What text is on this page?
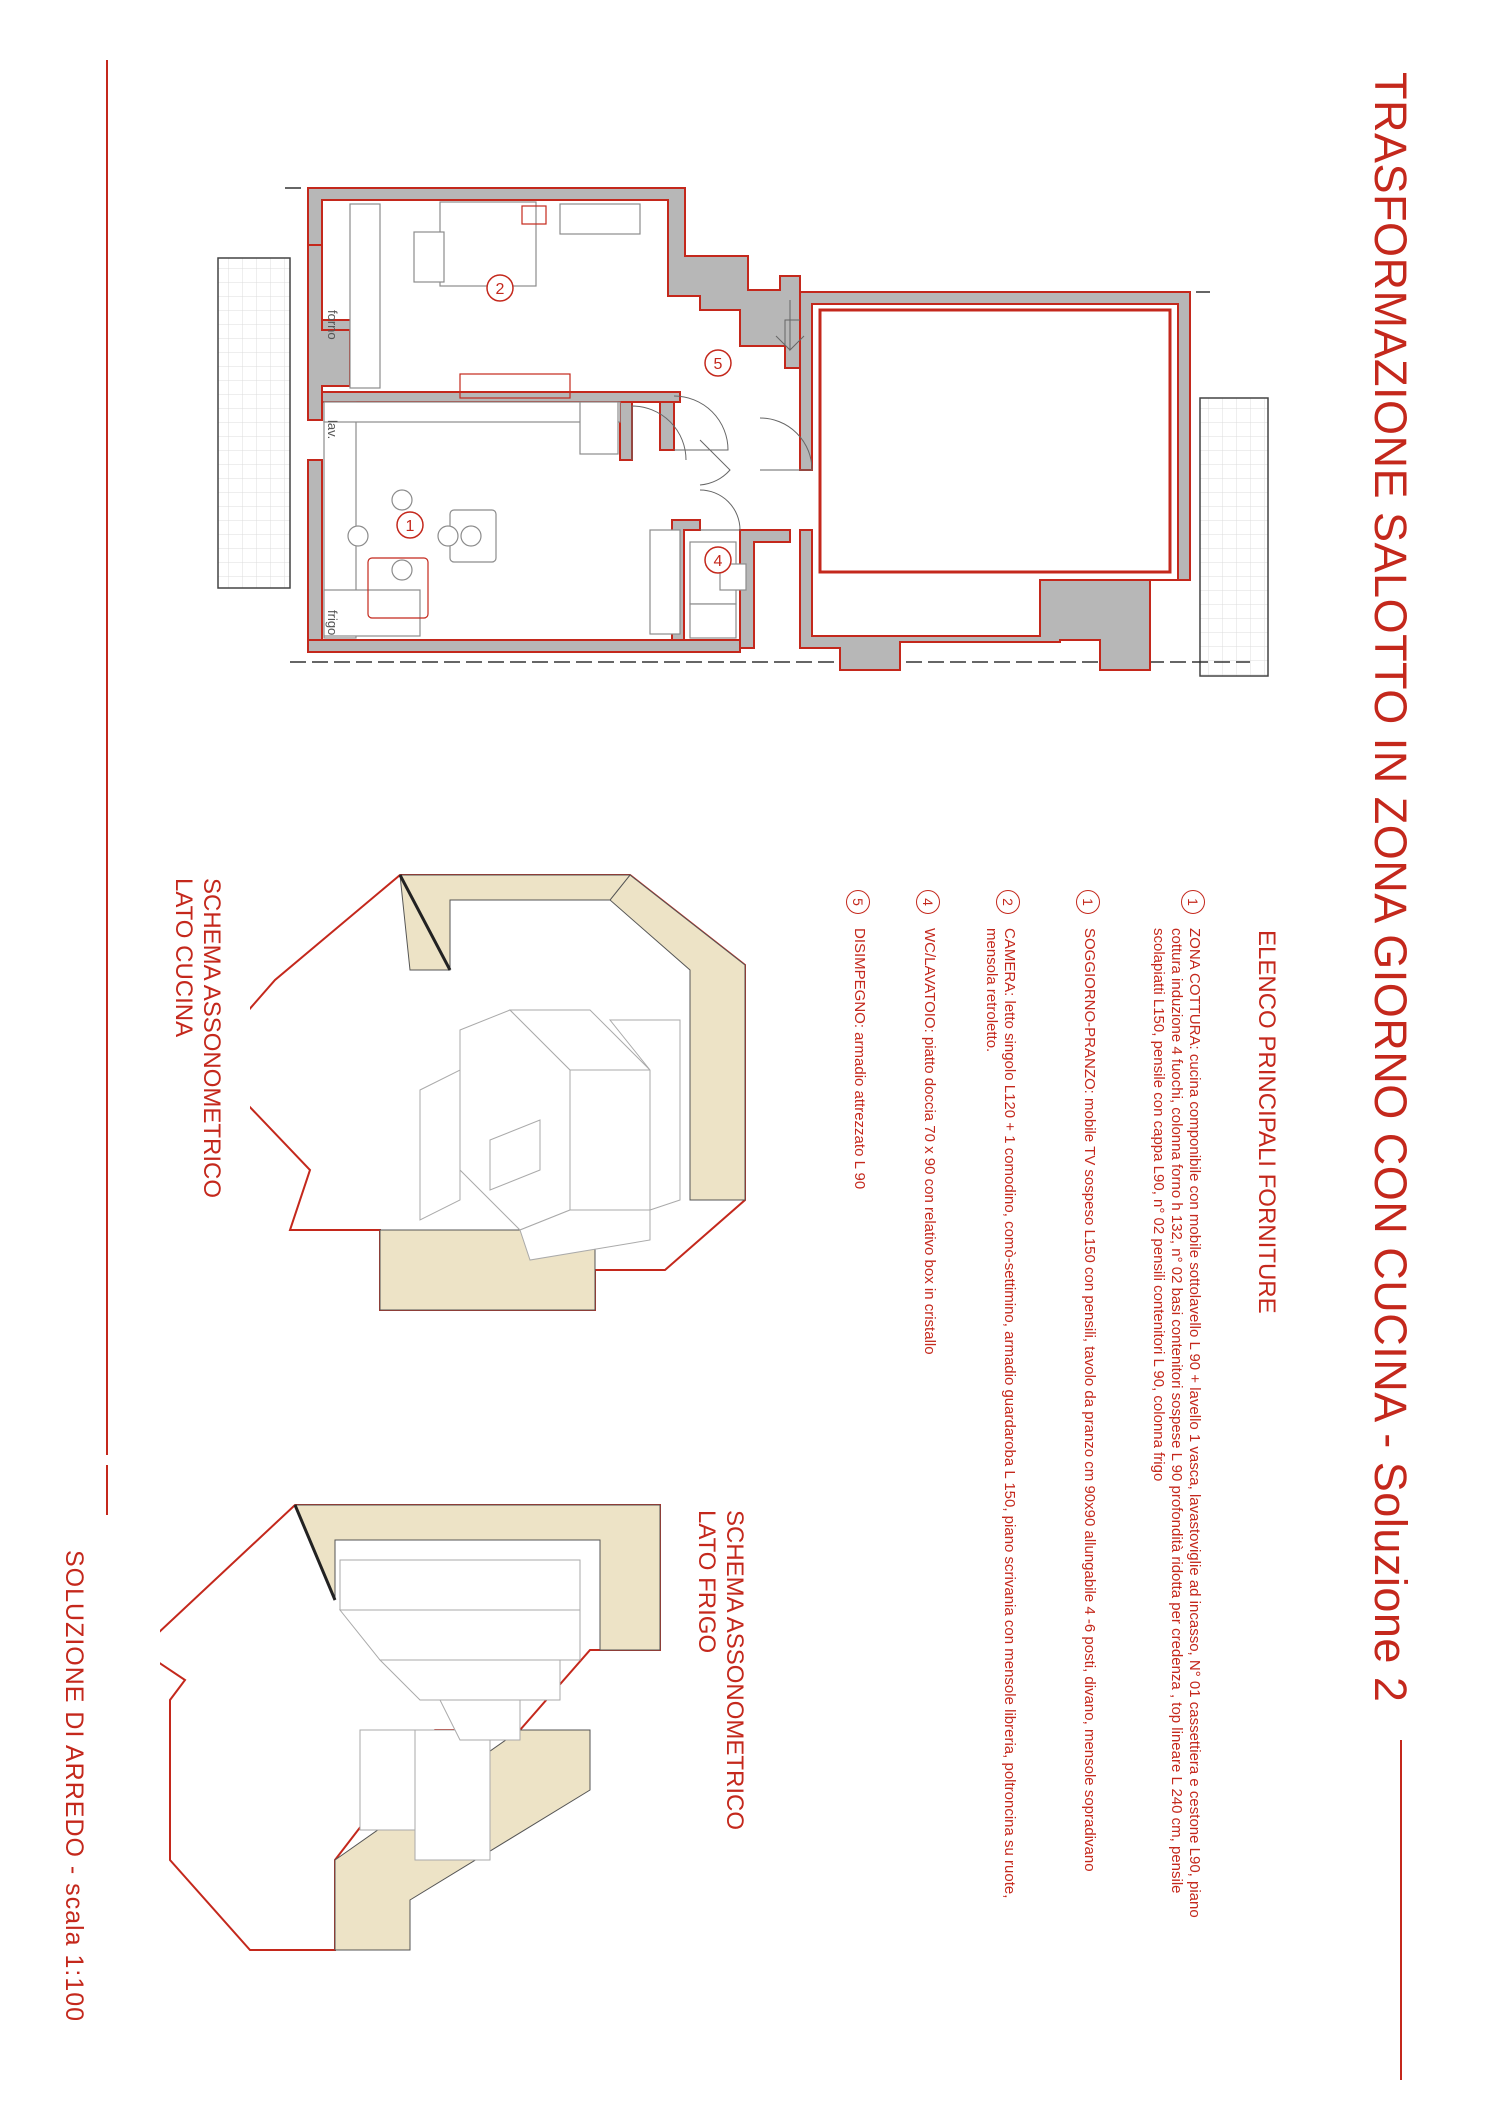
TRASFORMAZIONE SALOTTO IN ZONA GIORNO CON CUCINA - Soluzione 2
SOLUZIONE DI ARREDO - scala 1:100
ELENCO PRINCIPALI FORNITURE
1
ZONA COTTURA: cucina componibile con mobile sottolavello L 90 + lavello 1 vasca, lavastoviglie ad incasso, N° 01 cassettiera e cestone L90, piano cottura induzione 4 fuochi, colonna forno h 132, n° 02 basi contenitori sospese L 90 profondità ridotta per credenza , top lineare L 240 cm, pensile scolapiatti L150, pensile con cappa L90, n° 02 pensili contenitori L 90, colonna frigo
1
SOGGIORNO-PRANZO: mobile TV sospeso L150 con pensili, tavolo da pranzo cm 90x90 allungabile 4 -6 posti, divano, mensole sopradivano
2
CAMERA: letto singolo L120 + 1 comodino, comò-settimino, armadio guardaroba L 150, piano scrivania con mensole libreria, poltroncina su ruote, mensola retroletto.
4
WC/LAVATOIO: piatto doccia 70 x 90 con relativo box in cristallo
5
DISIMPEGNO: armadio attrezzato L 90
SCHEMA ASSONOMETRICO
LATO CUCINA
SCHEMA ASSONOMETRICO
LATO FRIGO
1
2
4
5
lav.
forno
frigo
